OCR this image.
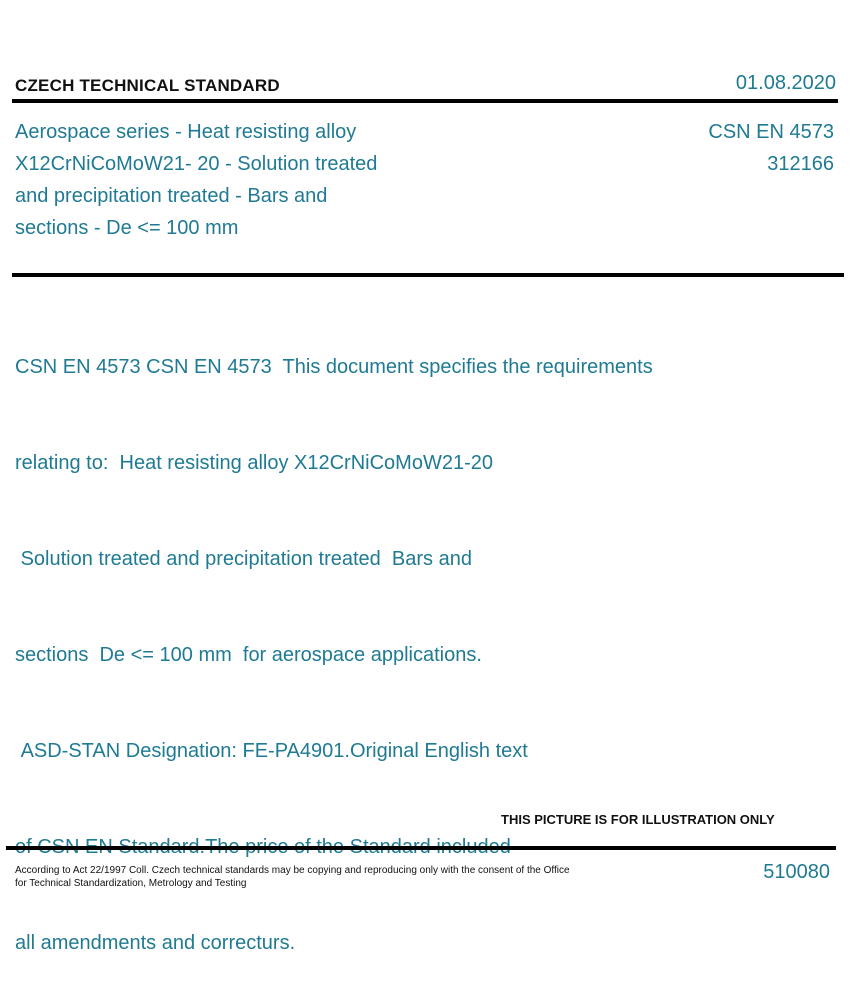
CZECH TECHNICAL STANDARD	01.08.2020
Aerospace series - Heat resisting alloy
X12CrNiCoMoW21- 20 - Solution treated
and precipitation treated - Bars and
sections - De <= 100 mm
CSN EN 4573
312166

CSN EN 4573 CSN EN 4573  This document specifies the requirements

relating to:  Heat resisting alloy X12CrNiCoMoW21-20

Solution treated and precipitation treated  Bars and

sections  De <= 100 mm  for aerospace applications.

ASD-STAN Designation: FE-PA4901.Original English text

all amendments and correcturs.

THIS PICTURE IS FOR ILLUSTRATION ONLY
According to Act 22/1997 Coll. Czech technical standards may be copying and reproducing only with the consent of the Office
for Technical Standardization, Metrology and Testing
510080
